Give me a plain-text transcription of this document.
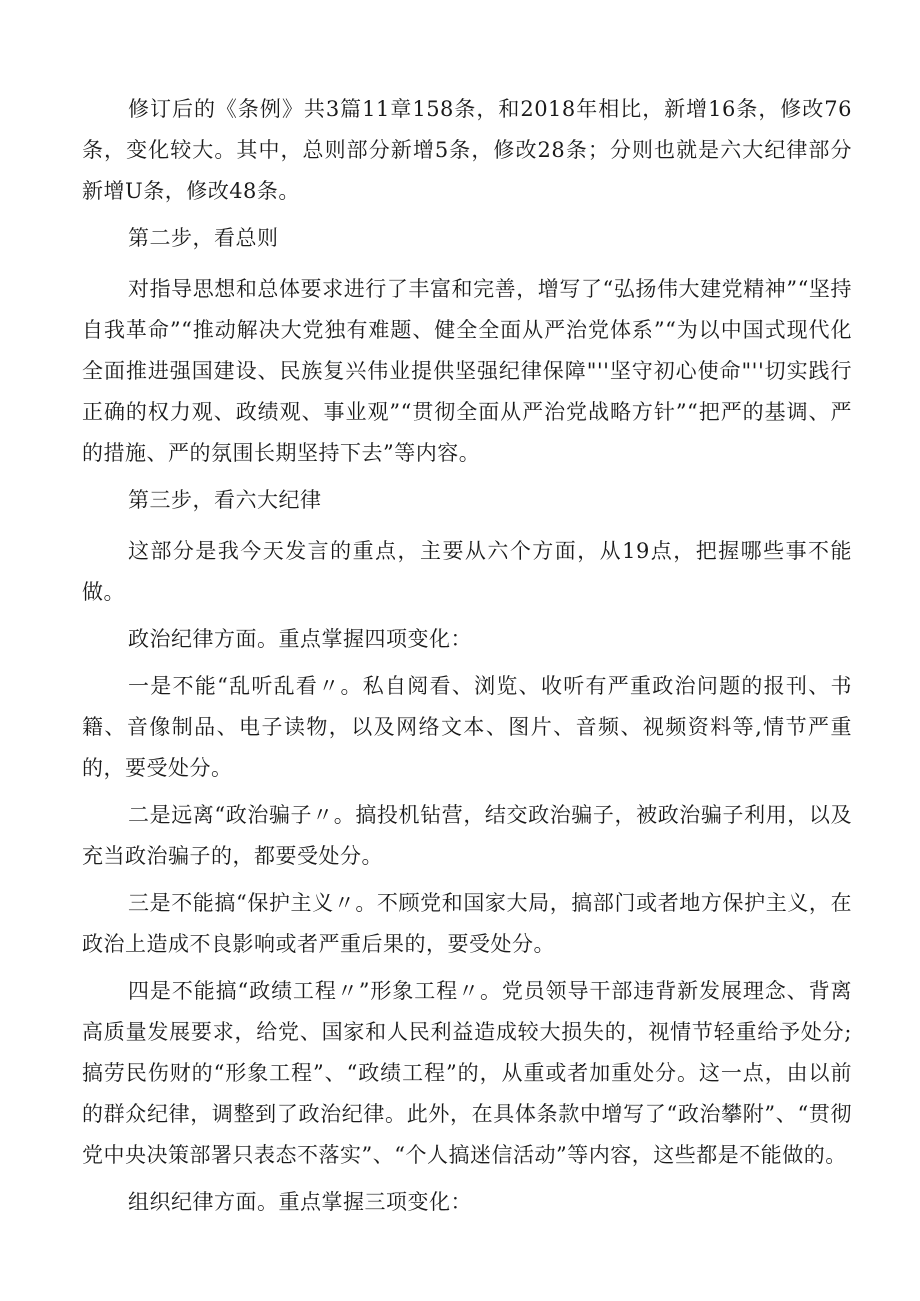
修订后的《条例》共3篇11章158条，和2018年相比，新增16条，修改76条，变化较大。其中，总则部分新增5条，修改28条；分则也就是六大纪律部分新增U条，修改48条。

第二步，看总则

对指导思想和总体要求进行了丰富和完善，增写了“弘扬伟大建党精神”“坚持自我革命”“推动解决大党独有难题、健全全面从严治党体系”“为以中国式现代化全面推进强国建设、民族复兴伟业提供坚强纪律保障"''坚守初心使命"''切实践行正确的权力观、政绩观、事业观”“贯彻全面从严治党战略方针”“把严的基调、严的措施、严的氛围长期坚持下去”等内容。

第三步，看六大纪律

这部分是我今天发言的重点，主要从六个方面，从19点，把握哪些事不能做。

政治纪律方面。重点掌握四项变化：

一是不能“乱听乱看〃。私自阅看、浏览、收听有严重政治问题的报刊、书籍、音像制品、电子读物，以及网络文本、图片、音频、视频资料等,情节严重的，要受处分。

二是远离“政治骗子〃。搞投机钻营，结交政治骗子，被政治骗子利用，以及充当政治骗子的，都要受处分。

三是不能搞“保护主义〃。不顾党和国家大局，搞部门或者地方保护主义，在政治上造成不良影响或者严重后果的，要受处分。

四是不能搞“政绩工程〃”形象工程〃。党员领导干部违背新发展理念、背离高质量发展要求，给党、国家和人民利益造成较大损失的，视情节轻重给予处分;搞劳民伤财的“形象工程”、“政绩工程”的，从重或者加重处分。这一点，由以前的群众纪律，调整到了政治纪律。此外，在具体条款中增写了“政治攀附”、“贯彻党中央决策部署只表态不落实”、“个人搞迷信活动”等内容，这些都是不能做的。

组织纪律方面。重点掌握三项变化：
